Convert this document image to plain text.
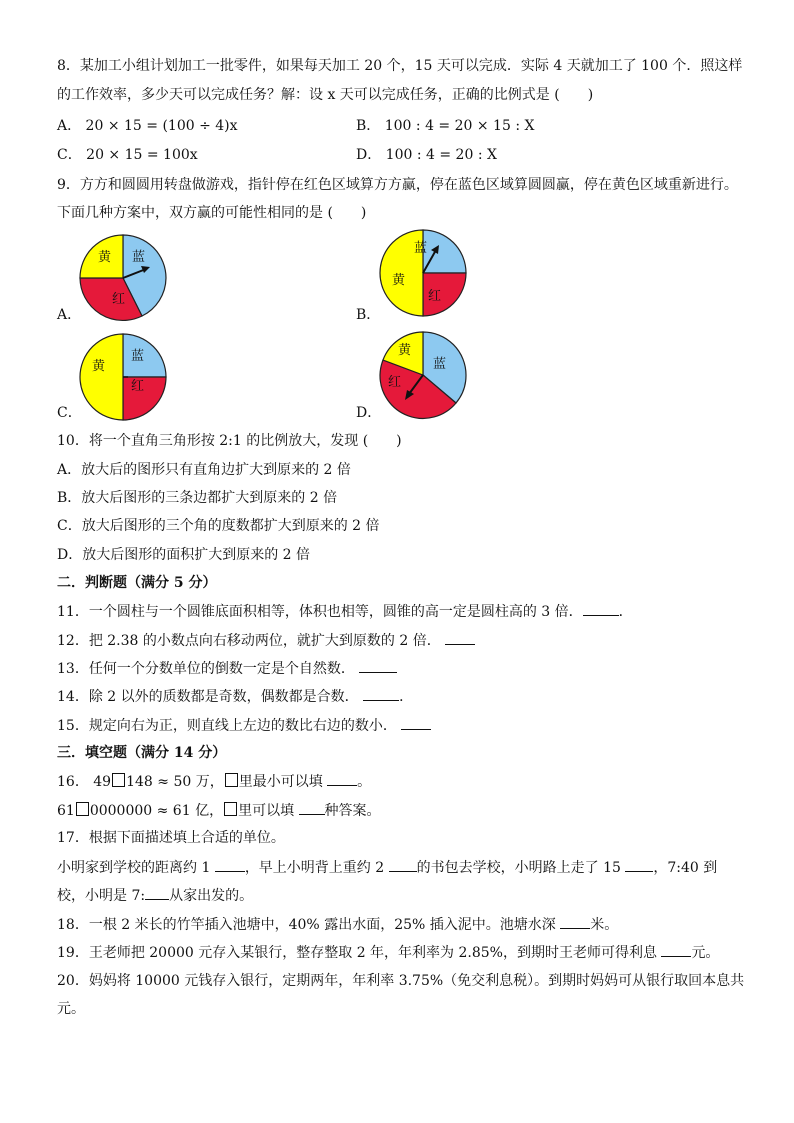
8．某加工小组计划加工一批零件，如果每天加工 20 个，15 天可以完成．实际 4 天就加工了 100 个．照这样
的工作效率，多少天可以完成任务？解：设 x 天可以完成任务，正确的比例式是 (　　)
A． 20 × 15 = (100 ÷ 4)x	B． 100 : 4 = 20 × 15 : X
C． 20 × 15 = 100x	D． 100 : 4 = 20 : X
9．方方和圆圆用转盘做游戏，指针停在红色区域算方方赢，停在蓝色区域算圆圆赢，停在黄色区域重新进行。
下面几种方案中，双方赢的可能性相同的是 (　　)
A．
黄 蓝
红
B．
蓝
黄
红
C．
黄
蓝
红
D．
黄
蓝
红
10．将一个直角三角形按 2:1 的比例放大，发现 (　　)
A．放大后的图形只有直角边扩大到原来的 2 倍
B．放大后图形的三条边都扩大到原来的 2 倍
C．放大后图形的三个角的度数都扩大到原来的 2 倍
D．放大后图形的面积扩大到原来的 2 倍
二．判断题（满分 5 分）
11．一个圆柱与一个圆锥底面积相等，体积也相等，圆锥的高一定是圆柱高的 3 倍．	．
12．把 2.38 的小数点向右移动两位，就扩大到原数的 2 倍．
13．任何一个分数单位的倒数一定是个自然数．
14．除 2 以外的质数都是奇数，偶数都是合数．	．
15．规定向右为正，则直线上左边的数比右边的数小．
三．填空题（满分 14 分）
16． 49 148 ≈ 50 万， 里最小可以填 。
61 0000000 ≈ 61 亿， 里可以填 种答案。
17．根据下面描述填上合适的单位。
小明家到学校的距离约 1 ，早上小明背上重约 2 的书包去学校，小明路上走了 15 ，7:40 到
校，小明是 7: 从家出发的。
18．一根 2 米长的竹竿插入池塘中，40% 露出水面，25% 插入泥中。池塘水深 米。
19．王老师把 20000 元存入某银行，整存整取 2 年，年利率为 2.85%，到期时王老师可得利息 元。
20．妈妈将 10000 元钱存入银行，定期两年，年利率 3.75%（免交利息税）。到期时妈妈可从银行取回本息共
元。
